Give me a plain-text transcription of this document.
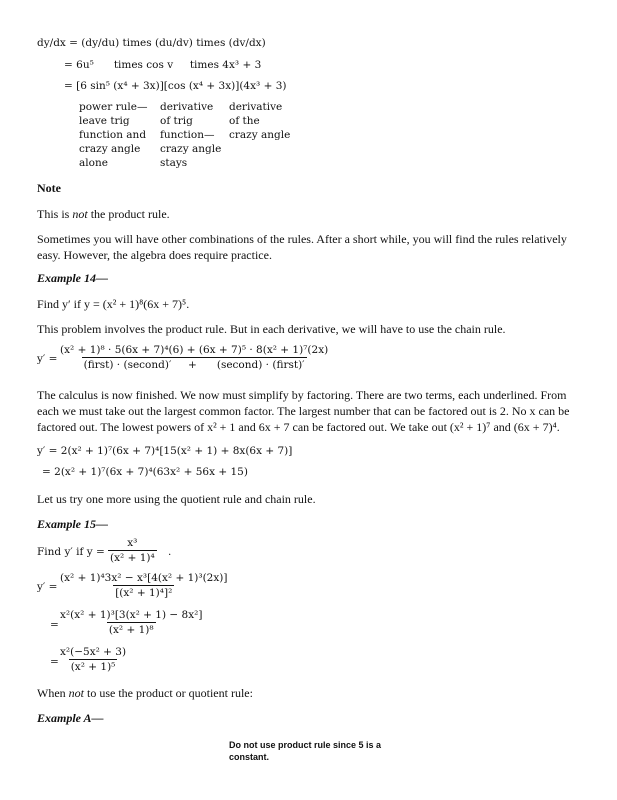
dy/dx = (dy/du) times (du/dv) times (dv/dx)
= 6u⁵      times cos v     times 4x³ + 3
= [6 sin⁵ (x⁴ + 3x)][cos (x⁴ + 3x)](4x³ + 3)
power rule—
leave trig
function and
crazy angle
alone
derivative
of trig
function—
crazy angle
stays
derivative
of the
crazy angle
Note
This is not the product rule.
Sometimes you will have other combinations of the rules. After a short while, you will find the rules relatively easy. However, the algebra does require practice.
Example 14—
Find y′ if y = (x² + 1)⁸(6x + 7)⁵.
This problem involves the product rule. But in each derivative, we will have to use the chain rule.
y′ =
(x² + 1)⁸ · 5(6x + 7)⁴(6) + (6x + 7)⁵ · 8(x² + 1)⁷(2x)
(first) · (second)′     +      (second) · (first)′
The calculus is now finished. We now must simplify by factoring. There are two terms, each underlined. From each we must take out the largest common factor. The largest number that can be factored out is 2. No x can be factored out. The lowest powers of x² + 1 and 6x + 7 can be factored out. We take out (x² + 1)⁷ and (6x + 7)⁴.
y′ = 2(x² + 1)⁷(6x + 7)⁴[15(x² + 1) + 8x(6x + 7)]
= 2(x² + 1)⁷(6x + 7)⁴(63x² + 56x + 15)
Let us try one more using the quotient rule and chain rule.
Example 15—
Find y′ if $y = \frac{\text{x³}}{\text{(x² + 1)⁴}}$ .
$y' = \frac{\text{(x² + 1)⁴3x² − x³[4(x² + 1)³(2x)]}}{\text{[(x² + 1)⁴]²}}$
= $\frac{\text{x²(x² + 1)³[3(x² + 1) − 8x²]}}{\text{(x² + 1)⁸}}$
= $\frac{\text{x²(−5x² + 3)}}{\text{(x² + 1)⁵}}$
When not to use the product or quotient rule:
Example A—
Do not use product rule since 5 is a
constant.
